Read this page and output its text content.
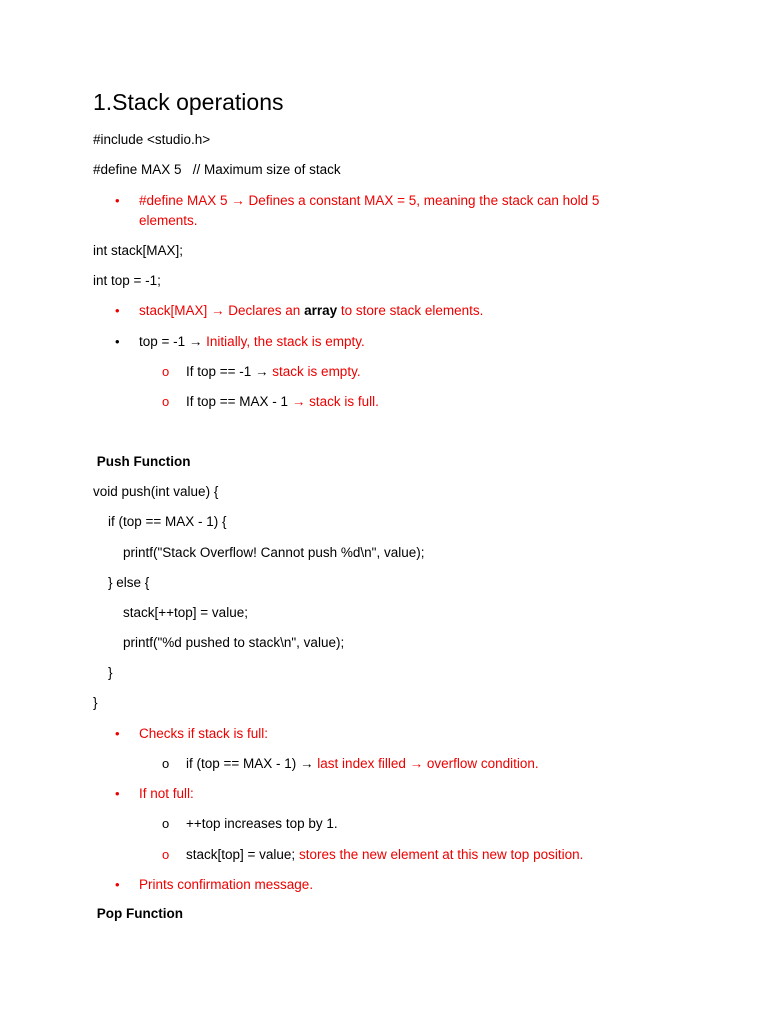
1.Stack operations
#include <studio.h>
#define MAX 5   // Maximum size of stack
• #define MAX 5 → Defines a constant MAX = 5, meaning the stack can hold 5
elements.
int stack[MAX];
int top = -1;
• stack[MAX] → Declares an array to store stack elements.
• top = -1 → Initially, the stack is empty.
o If top == -1 → stack is empty.
o If top == MAX - 1 → stack is full.
Push Function
void push(int value) {
if (top == MAX - 1) {
printf("Stack Overflow! Cannot push %d\n", value);
} else {
stack[++top] = value;
printf("%d pushed to stack\n", value);
}
}
• Checks if stack is full:
o if (top == MAX - 1) → last index filled → overflow condition.
• If not full:
o ++top increases top by 1.
o stack[top] = value; stores the new element at this new top position.
• Prints confirmation message.
Pop Function
